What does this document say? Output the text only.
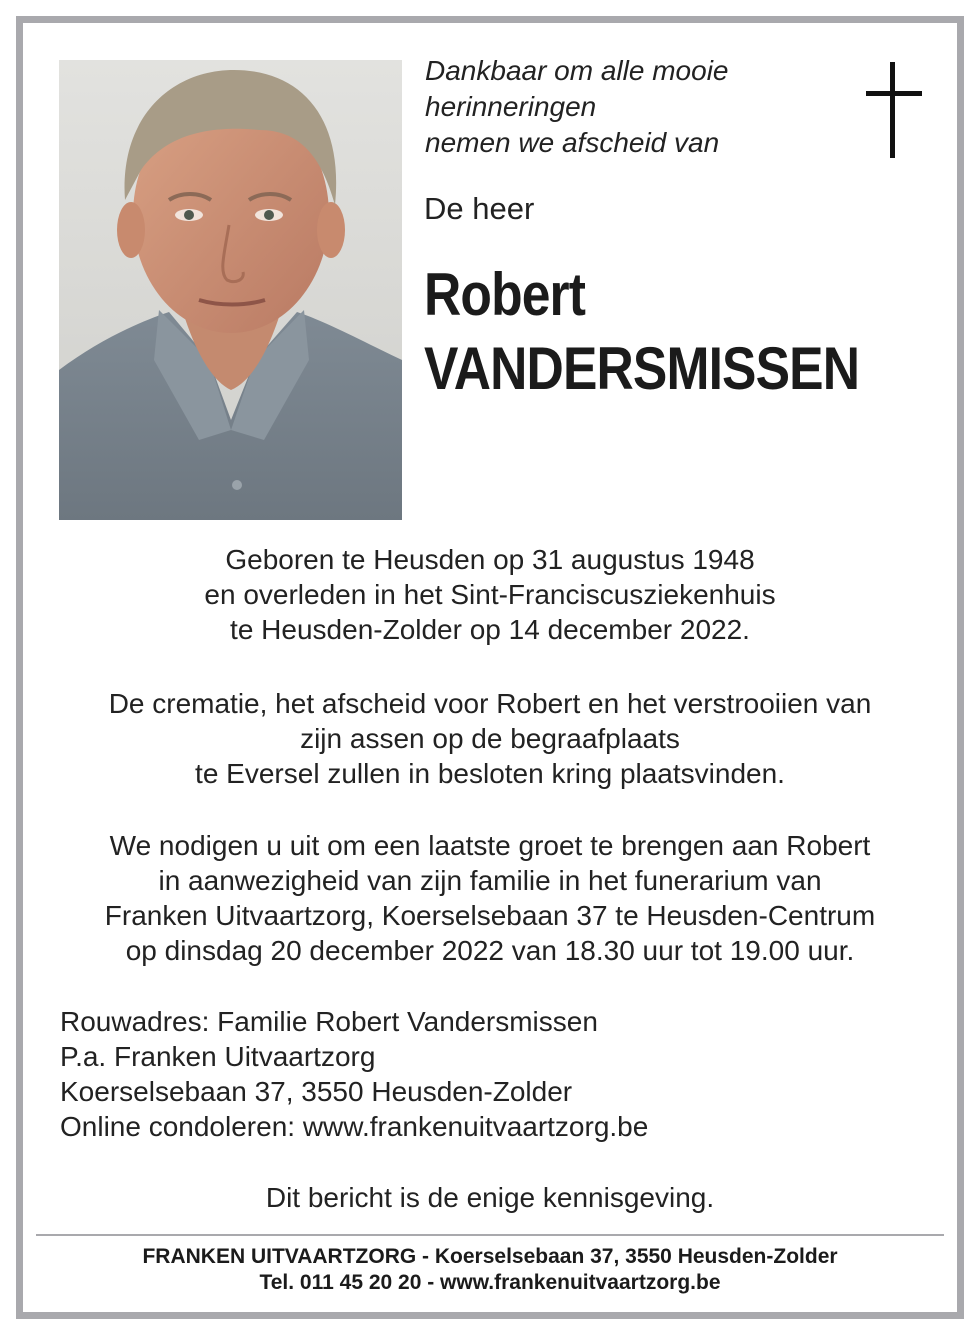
Dankbaar om alle mooie
herinneringen
nemen we afscheid van
De heer
Robert
VANDERSMISSEN
Geboren te Heusden op 31 augustus 1948
en overleden in het Sint-Franciscusziekenhuis
te Heusden-Zolder op 14 december 2022.
De crematie, het afscheid voor Robert en het verstrooiien van
zijn assen op de begraafplaats
te Eversel zullen in besloten kring plaatsvinden.
We nodigen u uit om een laatste groet te brengen aan Robert
in aanwezigheid van zijn familie in het funerarium van
Franken Uitvaartzorg, Koerselsebaan 37 te Heusden-Centrum
op dinsdag 20 december 2022 van 18.30 uur tot 19.00 uur.
Rouwadres: Familie Robert Vandersmissen
P.a. Franken Uitvaartzorg
Koerselsebaan 37, 3550 Heusden-Zolder
Online condoleren: www.frankenuitvaartzorg.be
Dit bericht is de enige kennisgeving.
FRANKEN UITVAARTZORG - Koerselsebaan 37, 3550 Heusden-Zolder
Tel. 011 45 20 20 - www.frankenuitvaartzorg.be
